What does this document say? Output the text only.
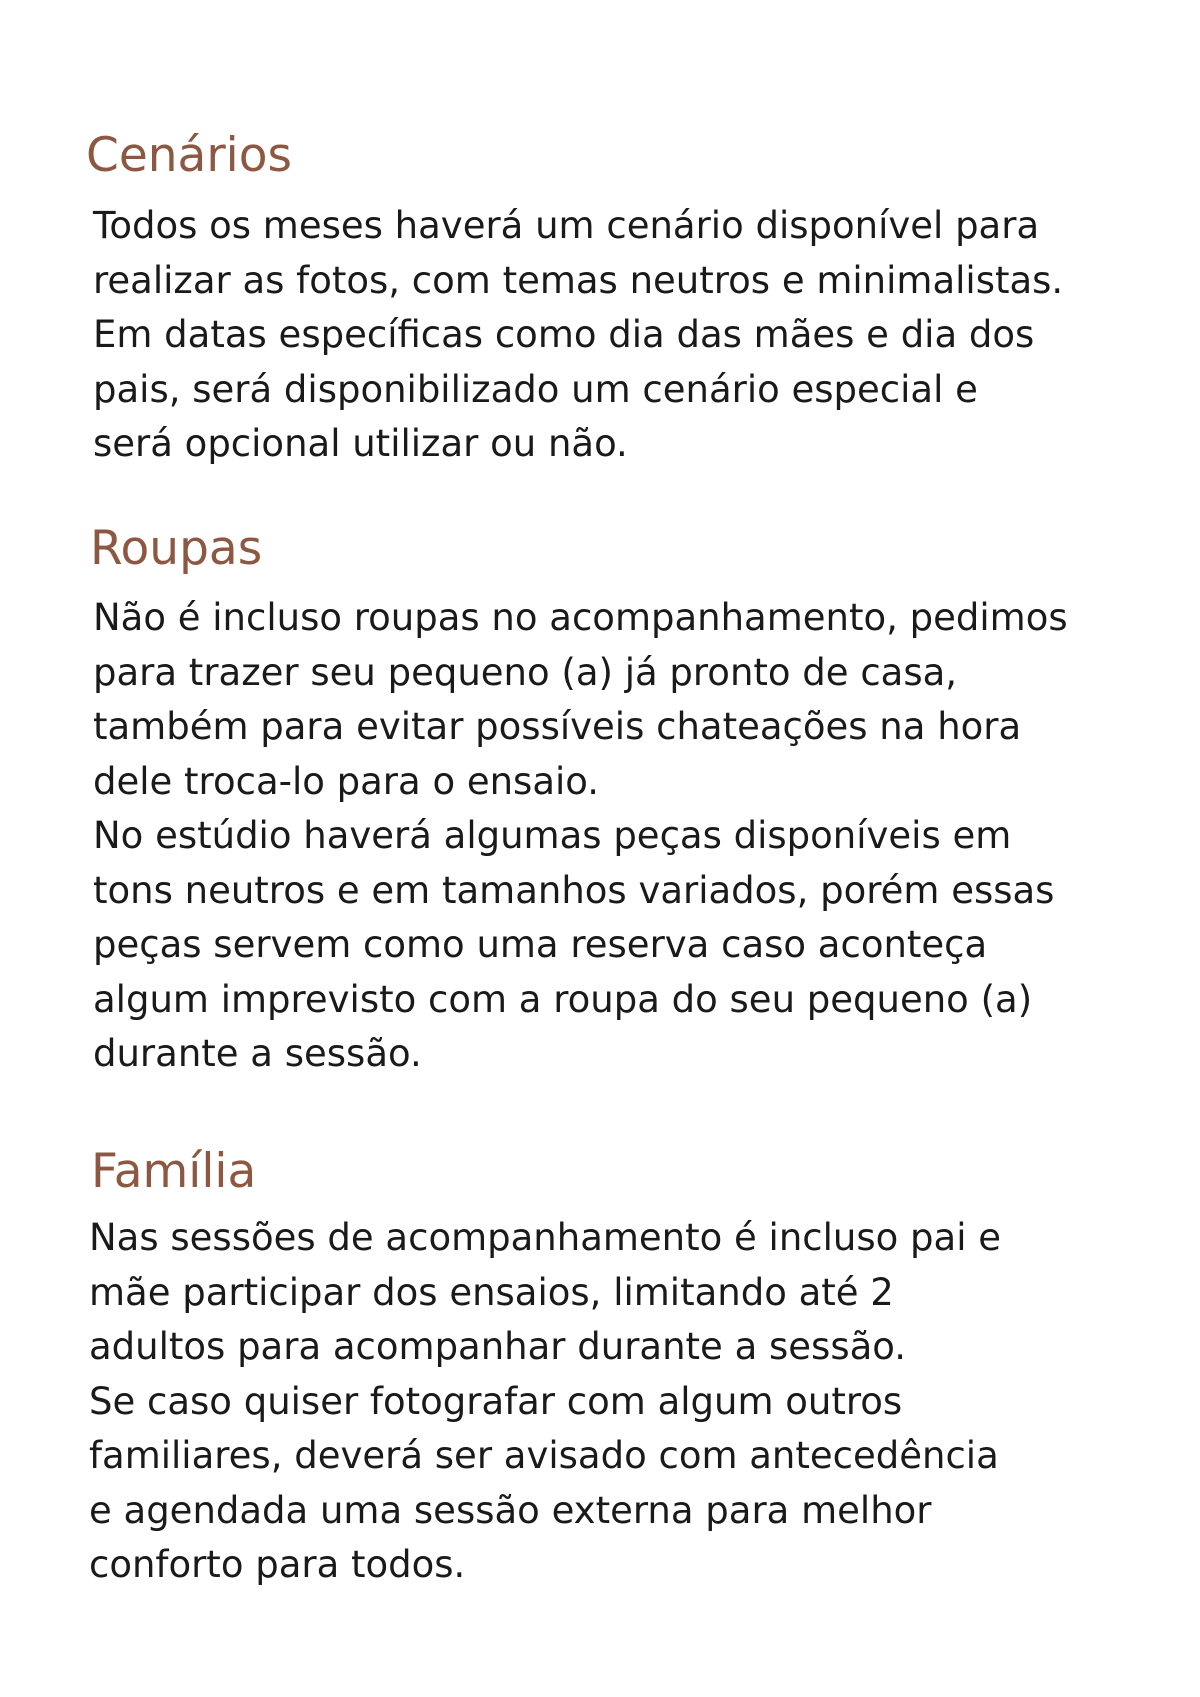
Cenários
Todos os meses haverá um cenário disponível para
realizar as fotos, com temas neutros e minimalistas.
Em datas específicas como dia das mães e dia dos
pais, será disponibilizado um cenário especial e
será opcional utilizar ou não.
Roupas
Não é incluso roupas no acompanhamento, pedimos
para trazer seu pequeno (a) já pronto de casa,
também para evitar possíveis chateações na hora
dele troca-lo para o ensaio.
No estúdio haverá algumas peças disponíveis em
tons neutros e em tamanhos variados, porém essas
peças servem como uma reserva caso aconteça
algum imprevisto com a roupa do seu pequeno (a)
durante a sessão.
Família
Nas sessões de acompanhamento é incluso pai e
mãe participar dos ensaios, limitando até 2
adultos para acompanhar durante a sessão.
Se caso quiser fotografar com algum outros
familiares, deverá ser avisado com antecedência
e agendada uma sessão externa para melhor
conforto para todos.
